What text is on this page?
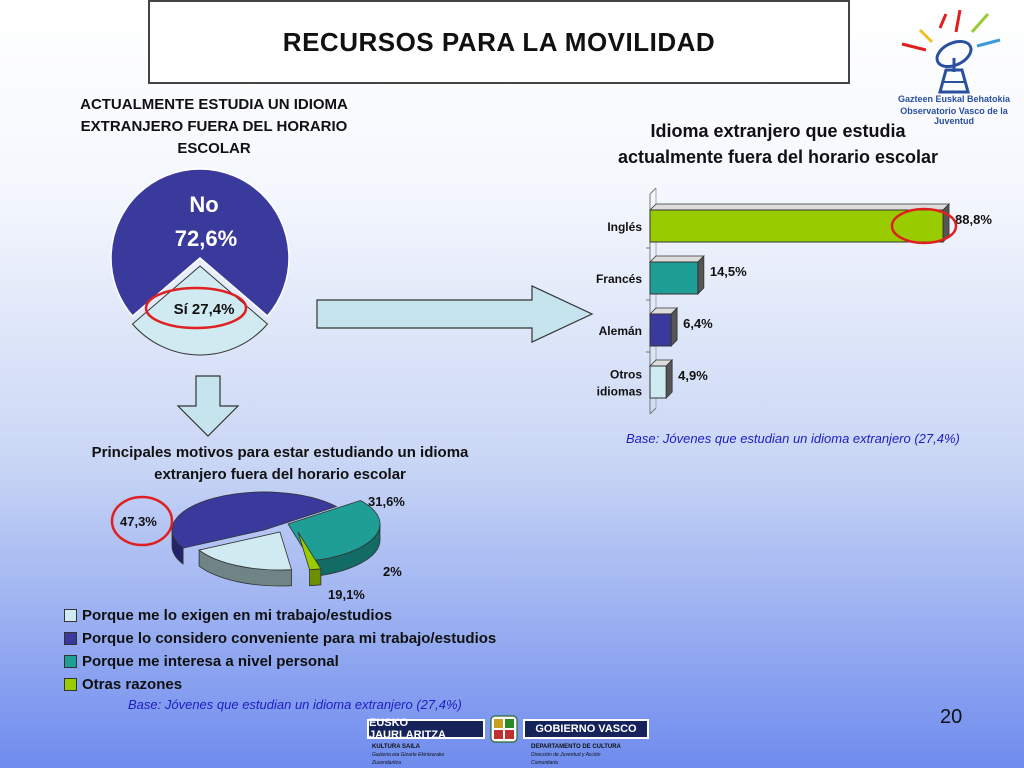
RECURSOS PARA LA MOVILIDAD
Gazteen Euskal Behatokia
Observatorio Vasco de la Juventud
ACTUALMENTE ESTUDIA UN IDIOMA EXTRANJERO FUERA DEL HORARIO ESCOLAR
No
72,6%
Sí 27,4%
Idioma extranjero que estudia actualmente fuera del horario escolar
Inglés	88,8%
Francés	14,5%
Alemán	6,4%
Otros
idiomas
4,9%
Base: Jóvenes que estudian un idioma extranjero (27,4%)
Principales motivos para estar estudiando un idioma extranjero fuera del horario escolar
19,1%
47,3%
31,6%
2%
Porque me lo exigen en mi trabajo/estudios
Porque lo considero conveniente para mi trabajo/estudios
Porque me interesa a nivel personal
Otras razones
Base: Jóvenes que estudian un idioma extranjero (27,4%)
20
EUSKO JAURLARITZA	GOBIERNO VASCO
KULTURA SAILA
Gazteria eta Gizarte Ekintzarako
Zuzendaritza
DEPARTAMENTO DE CULTURA
Dirección de Juventud y Acción
Comunitaria
